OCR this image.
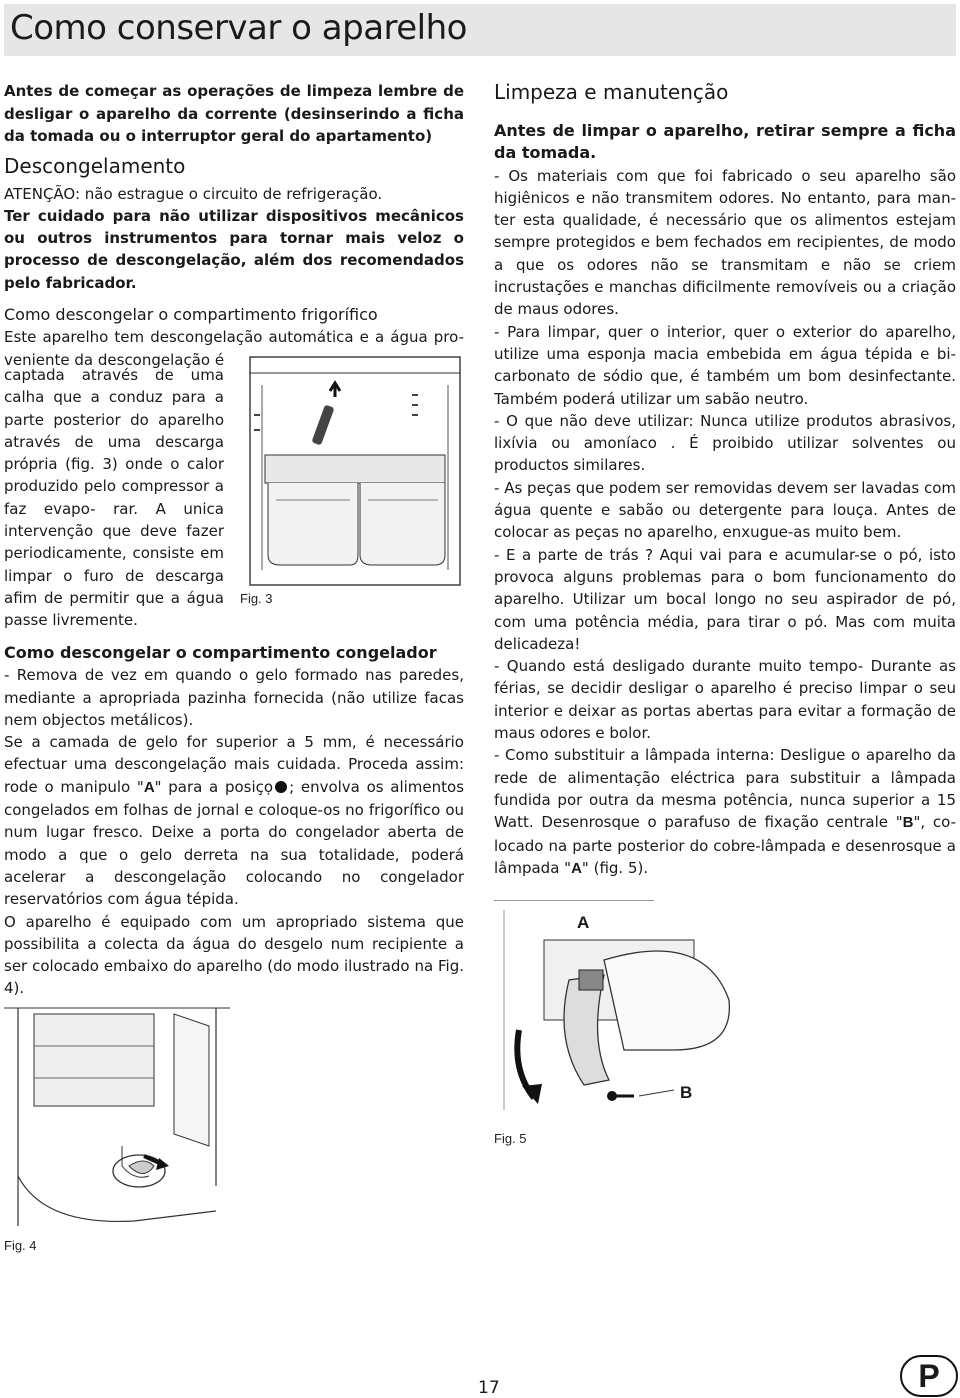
Como conservar o aparelho

Antes de começar as operações de limpeza lembre de desligar o aparelho da corrente (desinserindo a ficha da tomada ou o interruptor geral do apartamento)

Descongelamento

ATENÇÃO: não estrague o circuito de refrigeração.

Ter cuidado para não utilizar dispositivos mecânicos ou outros instrumentos para tornar mais veloz o processo de descongelação, além dos recomendados pelo fabricador.

Como descongelar o compartimento frigorífico

Este aparelho tem descongelação automática e a água pro- veniente da descongelação é

captada através de uma calha que a conduz para a parte posterior do aparelho através de uma descarga própria (fig. 3) onde o calor produzido pelo compressor a faz evapo- rar. A unica intervenção que deve fazer periodicamente, consiste em limpar o furo de descarga afim de permitir que a água passe livremente.

Fig. 3

Como descongelar o compartimento congelador

- Remova de vez em quando o gelo formado nas paredes, mediante a apropriada pazinha fornecida (não utilize facas nem objectos metálicos).

Se a camada de gelo for superior a 5 mm, é necessário efectuar uma descongelação mais cuidada. Proceda assim: rode o manipulo "A" para a posiçọ ; envolva os alimentos congelados em folhas de jornal e coloque-os no frigorífico ou num lugar fresco. Deixe a porta do congelador aberta de modo a que o gelo derreta na sua totalidade, poderá acelerar a descongelação colocando no congelador reservatórios com água tépida.

O aparelho é equipado com um apropriado sistema que possibilita a colecta da água do desgelo num recipiente a ser colocado embaixo do aparelho (do modo ilustrado na Fig. 4).

Fig. 4

Limpeza e manutenção

Antes de limpar o aparelho, retirar sempre a ficha da tomada.

- Os materiais com que foi fabricado o seu aparelho são higiênicos e não transmitem odores. No entanto, para man- ter esta qualidade, é necessário que os alimentos estejam sempre protegidos e bem fechados em recipientes, de modo a que os odores não se transmitam e não se criem incrustações e manchas dificilmente removíveis ou a criação de maus odores.

- Para limpar, quer o interior, quer o exterior do aparelho, utilize uma esponja macia embebida em água tépida e bi- carbonato de sódio que, é também um bom desinfectante. Também poderá utilizar um sabão neutro.

- O que não deve utilizar: Nunca utilize produtos abrasivos, lixívia ou amoníaco . É proibido utilizar solventes ou productos similares.

- As peças que podem ser removidas devem ser lavadas com água quente e sabão ou detergente para louça. Antes de colocar as peças no aparelho, enxugue-as muito bem.

- E a parte de trás ? Aqui vai para e acumular-se o pó, isto provoca alguns problemas para o bom funcionamento do aparelho. Utilizar um bocal longo no seu aspirador de pó, com uma potência média, para tirar o pó. Mas com muita delicadeza!

- Quando está desligado durante muito tempo- Durante as férias, se decidir desligar o aparelho é preciso limpar o seu interior e deixar as portas abertas para evitar a formação de maus odores e bolor.

- Como substituir a lâmpada interna: Desligue o aparelho da rede de alimentação eléctrica para substituir a lâmpada fundida por outra da mesma potência, nunca superior a 15 Watt. Desenrosque o parafuso de fixação centrale "B", co- locado na parte posterior do cobre-lâmpada e desenrosque a lâmpada "A" (fig. 5).

A
B
Fig. 5
17	P
